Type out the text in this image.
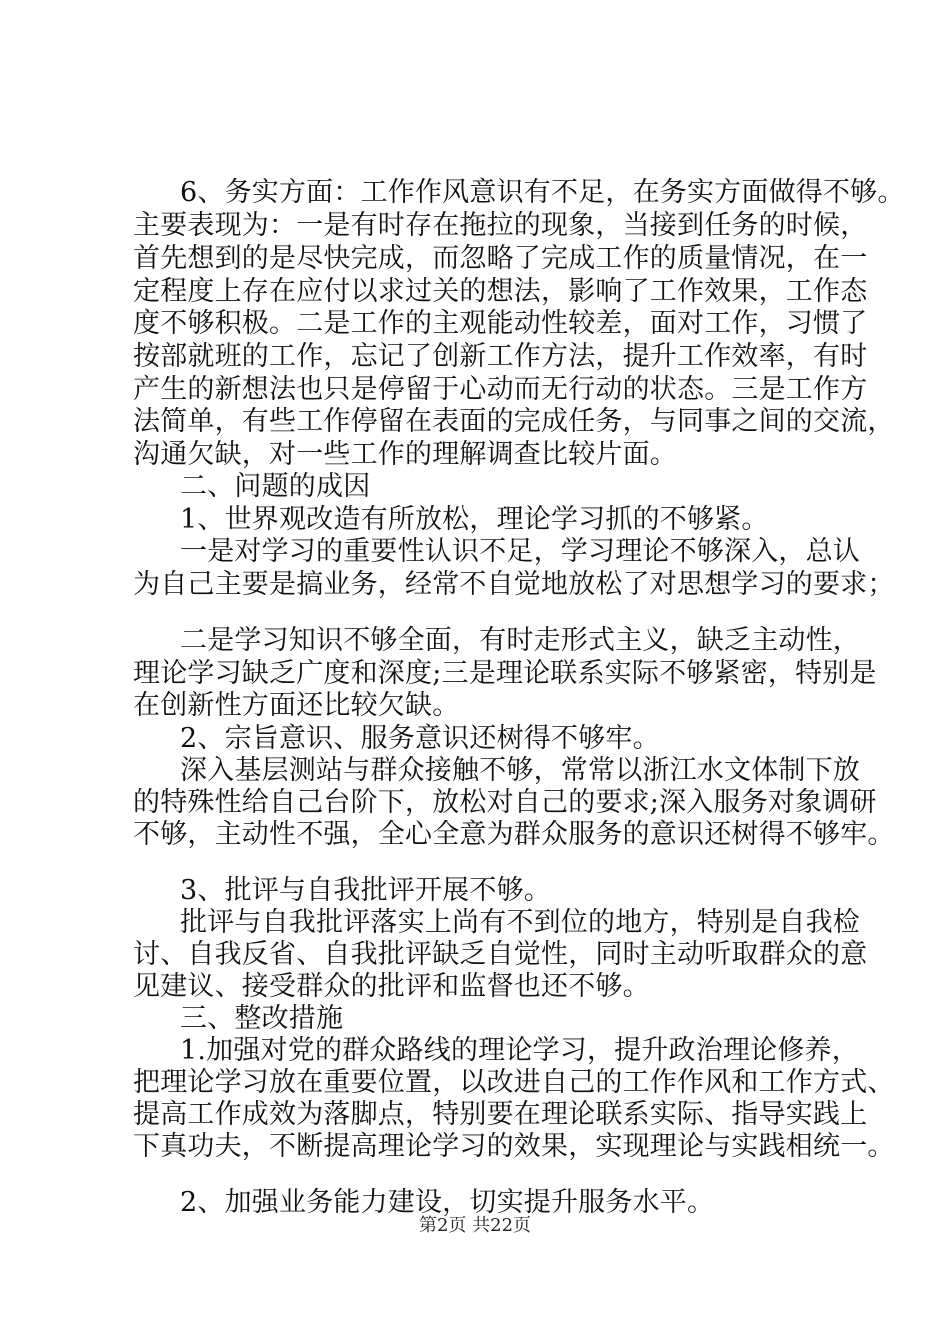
6、务实方面：工作作风意识有不足，在务实方面做得不够。
主要表现为：一是有时存在拖拉的现象，当接到任务的时候，
首先想到的是尽快完成，而忽略了完成工作的质量情况，在一
定程度上存在应付以求过关的想法，影响了工作效果，工作态
度不够积极。二是工作的主观能动性较差，面对工作，习惯了
按部就班的工作，忘记了创新工作方法，提升工作效率，有时
产生的新想法也只是停留于心动而无行动的状态。三是工作方
法简单，有些工作停留在表面的完成任务，与同事之间的交流，
沟通欠缺，对一些工作的理解调查比较片面。
二、问题的成因
1、世界观改造有所放松，理论学习抓的不够紧。
一是对学习的重要性认识不足，学习理论不够深入，总认
为自己主要是搞业务，经常不自觉地放松了对思想学习的要求；
二是学习知识不够全面，有时走形式主义，缺乏主动性，
理论学习缺乏广度和深度;三是理论联系实际不够紧密，特别是
在创新性方面还比较欠缺。
2、宗旨意识、服务意识还树得不够牢。
深入基层测站与群众接触不够，常常以浙江水文体制下放
的特殊性给自己台阶下，放松对自己的要求;深入服务对象调研
不够，主动性不强，全心全意为群众服务的意识还树得不够牢。
3、批评与自我批评开展不够。
批评与自我批评落实上尚有不到位的地方，特别是自我检
讨、自我反省、自我批评缺乏自觉性，同时主动听取群众的意
见建议、接受群众的批评和监督也还不够。
三、整改措施
1.加强对党的群众路线的理论学习，提升政治理论修养，
把理论学习放在重要位置，以改进自己的工作作风和工作方式、
提高工作成效为落脚点，特别要在理论联系实际、指导实践上
下真功夫，不断提高理论学习的效果，实现理论与实践相统一。
2、加强业务能力建设，切实提升服务水平。
第2页 共22页
